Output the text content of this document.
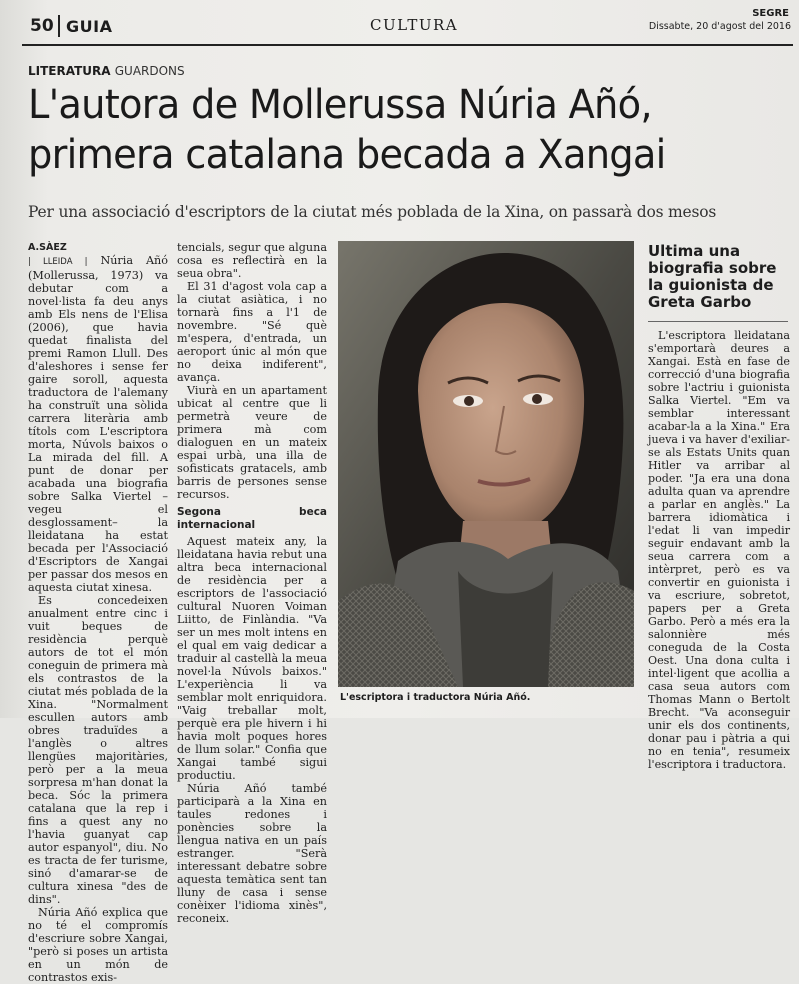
50 GUIA	CULTURA
SEGRE
Dissabte, 20 d'agost del 2016
LITERATURA GUARDONS
L'autora de Mollerussa Núria Añó, primera catalana becada a Xangai
Per una associació d'escriptors de la ciutat més poblada de la Xina, on passarà dos mesos
A.SÀEZ

| LLEIDA | Núria Añó (Mollerussa, 1973) va debutar com a novel·lista fa deu anys amb Els nens de l'Elisa (2006), que havia quedat finalista del premi Ramon Llull. Des d'aleshores i sense fer gaire soroll, aquesta traductora de l'alemany ha construït una sòlida carrera literària amb títols com L'escriptora morta, Núvols baixos o La mirada del fill. A punt de donar per acabada una biografia sobre Salka Viertel –vegeu el desglossament– la lleidatana ha estat becada per l'Associació d'Escriptors de Xangai per passar dos mesos en aquesta ciutat xinesa.

Es concedeixen anualment entre cinc i vuit beques de residència perquè autors de tot el món coneguin de primera mà els contrastos de la ciutat més poblada de la Xina. "Normalment escullen autors amb obres traduïdes a l'anglès o altres llengües majoritàries, però per a la meua sorpresa m'han donat la beca. Sóc la primera catalana que la rep i fins a quest any no l'havia guanyat cap autor espanyol", diu. No es tracta de fer turisme, sinó d'amarar-se de cultura xinesa "des de dins".

Núria Añó explica que no té el compromís d'escriure sobre Xangai, "però si poses un artista en un món de contrastos exis-

tencials, segur que alguna cosa es reflectirà en la seua obra".

El 31 d'agost vola cap a la ciutat asiàtica, i no tornarà fins a l'1 de novembre. "Sé què m'espera, d'entrada, un aeroport únic al món que no deixa indiferent", avança.

Viurà en un apartament ubicat al centre que li permetrà veure de primera mà com dialoguen en un mateix espai urbà, una illa de sofisticats gratacels, amb barris de persones sense recursos.

Segona beca internacional

Aquest mateix any, la lleidatana havia rebut una altra beca internacional de residència per a escriptors de l'associació cultural Nuoren Voiman Liitto, de Finlàndia. "Va ser un mes molt intens en el qual em vaig dedicar a traduir al castellà la meua novel·la Núvols baixos." L'experiència li va semblar molt enriquidora. "Vaig treballar molt, perquè era ple hivern i hi havia molt poques hores de llum solar." Confia que Xangai també sigui productiu.

Núria Añó també participarà a la Xina en taules redones i ponències sobre la llengua nativa en un país estranger. "Serà interessant debatre sobre aquesta temàtica sent tan lluny de casa i sense conèixer l'idioma xinès", reconeix.

L'escriptora i traductora Núria Añó.
Ultima una biografia sobre la guionista de Greta Garbo

L'escriptora lleidatana s'emportarà deures a Xangai. Està en fase de correcció d'una biografia sobre l'actriu i guionista Salka Viertel. "Em va semblar interessant acabar-la a la Xina." Era jueva i va haver d'exiliar-se als Estats Units quan Hitler va arribar al poder. "Ja era una dona adulta quan va aprendre a parlar en anglès." La barrera idiomàtica i l'edat li van impedir seguir endavant amb la seua carrera com a intèrpret, però es va convertir en guionista i va escriure, sobretot, papers per a Greta Garbo. Però a més era la salonnière més coneguda de la Costa Oest. Una dona culta i intel·ligent que acollia a casa seua autors com Thomas Mann o Bertolt Brecht. "Va aconseguir unir els dos continents, donar pau i pàtria a qui no en tenia", resumeix l'escriptora i traductora.
